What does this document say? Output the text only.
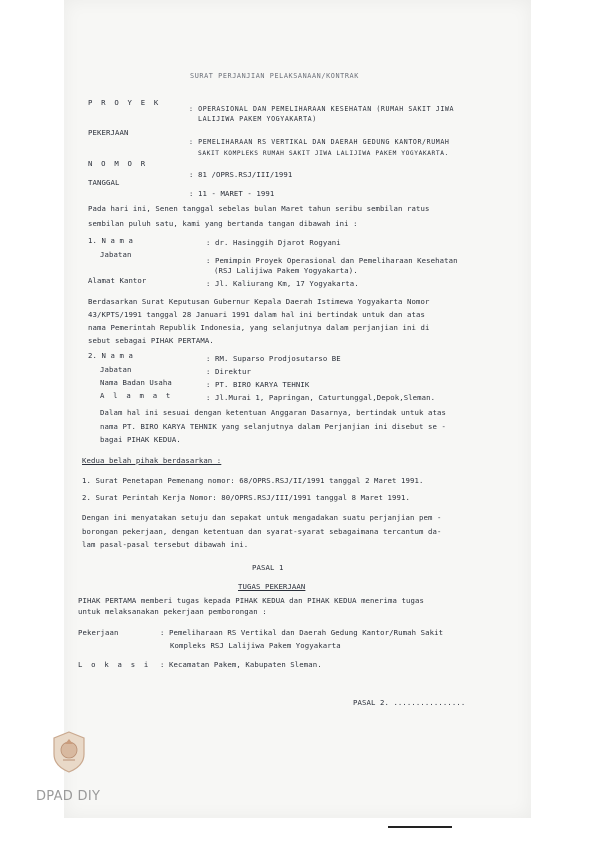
SURAT PERJANJIAN PELAKSANAAN/KONTRAK
P R O Y E K
: OPERASIONAL DAN PEMELIHARAAN KESEHATAN (RUMAH SAKIT JIWA
LALIJIWA PAKEM YOGYAKARTA)
PEKERJAAN
: PEMELIHARAAN RS VERTIKAL DAN DAERAH GEDUNG KANTOR/RUMAH
SAKIT KOMPLEKS RUMAH SAKIT JIWA LALIJIWA PAKEM YOGYAKARTA.
N O M O R
: 81 /OPRS.RSJ/III/1991
TANGGAL
: 11 - MARET - 1991
Pada hari ini, Senen tanggal sebelas bulan Maret tahun seribu sembilan ratus
sembilan puluh satu, kami yang bertanda tangan dibawah ini :
1. N a m a	: dr. Hasinggih Djarot Rogyani
Jabatan
: Pemimpin Proyek Operasional dan Pemeliharaan Kesehatan
(RSJ Lalijiwa Pakem Yogyakarta).
Alamat Kantor	: Jl. Kaliurang Km, 17 Yogyakarta.
Berdasarkan Surat Keputusan Gubernur Kepala Daerah Istimewa Yogyakarta Nomor
43/KPTS/1991 tanggal 28 Januari 1991 dalam hal ini bertindak untuk dan atas
nama Pemerintah Republik Indonesia, yang selanjutnya dalam perjanjian ini di
sebut sebagai PIHAK PERTAMA.
2. N a m a	: RM. Suparso Prodjosutarso BE
Jabatan	: Direktur
Nama Badan Usaha	: PT. BIRO KARYA TEHNIK
A l a m a t	: Jl.Murai 1, Papringan, Caturtunggal,Depok,Sleman.
Dalam hal ini sesuai dengan ketentuan Anggaran Dasarnya, bertindak untuk atas
nama PT. BIRO KARYA TEHNIK yang selanjutnya dalam Perjanjian ini disebut se -
bagai PIHAK KEDUA.
Kedua belah pihak berdasarkan :
1. Surat Penetapan Pemenang nomor: 68/OPRS.RSJ/II/1991 tanggal 2 Maret 1991.
2. Surat Perintah Kerja Nomor: 80/OPRS.RSJ/III/1991 tanggal 8 Maret 1991.
Dengan ini menyatakan setuju dan sepakat untuk mengadakan suatu perjanjian pem -
borongan pekerjaan, dengan ketentuan dan syarat-syarat sebagaimana tercantum da-
lam pasal-pasal tersebut dibawah ini.
PASAL 1
TUGAS PEKERJAAN
PIHAK PERTAMA memberi tugas kepada PIHAK KEDUA dan PIHAK KEDUA menerima tugas
untuk melaksanakan pekerjaan pemborongan :
Pekerjaan	: Pemeliharaan RS Vertikal dan Daerah Gedung Kantor/Rumah Sakit
Kompleks RSJ Lalijiwa Pakem Yogyakarta
L o k a s i : Kecamatan Pakem, Kabupaten Sleman.
PASAL 2. ................
DPAD DIY
